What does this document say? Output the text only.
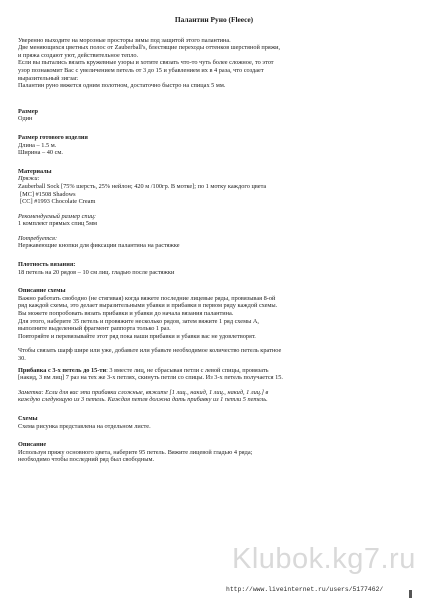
Палантин Руно (Fleece)

Уверенно выходите на морозные просторы зимы под защитой этого палантина.

Две меняющихся цветных полос от Zauberball's, блестящие переходы оттенков шерстяной пряжи,

и пряжа создают уют, действительное тепло.

Если вы пытались вязать кружевные узоры и хотите связать что-то чуть более сложное, то этот

узор познакомит Вас с увеличением петель от 3 до 15 и убавлением их в 4 раза, что создает

выразительный зигзаг.

Палантин руно вяжется одним полотном, достаточно быстро на спицах 5 мм.

Размер

Один

Размер готового изделия

Длина – 1.5 м.

Ширина – 40 см.

Материалы

Пряжи:

Zauberball Sock [75% шерсть, 25% нейлон; 420 м /100гр. В мотке]; по 1 мотку каждого цвета

[MC] #1508 Shadows

[CC] #1993 Chocolate Cream

Рекомендуемый размер спиц:

1 комплект прямых спиц 5мм

Потребуется:

Нержавеющие кнопки для фиксации палантина на растяжке

Плотность вязания:

18 петель на 20 рядов – 10 см лиц. гладью после растяжки

Описание схемы

Важно работать свободно (не стягивая) когда вяжете последние лицевые ряды, провязывая 8-ой

ряд каждой схемы, это делает выразительными убавки и прибавки в первом ряду каждой схемы.

Вы можете попробовать вязать прибавки и убавки до начала вязания палантина.

Для этого, наберите 35 петель и провяжите несколько рядов, затем вяжите 1 ряд схемы А,

выполните выделенный фрагмент раппорта только 1 раз.

Повторяйте и перевязывайте этот ряд пока ваши прибавки и убавки вас не удовлетворят.

Чтобы связать шарф шире или уже, добавьте или убавьте необходимое количество петель кратное

30.

Прибавка с 3-х петель до 15-ти: 3 вместе лиц, не сбрасывая петли с левой спицы, провязать

[накид, 3 вм лиц] 7 раз на тех же 3-х петлях, скинуть петли со спицы. Из 3-х петель получается 15.

Заметка: Если для вас эти прибавки сложные, вяжите [1 лиц., накид, 1 лиц., накид, 1 лиц.] в

каждую следующую из 3 петель. Каждая петля должна дать прибавку из 1 петли 5 петель.

Схемы

Схема рисунка представлена на отдельном листе.

Описание

Используя пряжу основного цвета, наберите 95 петель. Вяжите лицевой гладью 4 ряда;

необходимо чтобы последний ряд был свободным.

Klubok.kg7.ru
http://www.liveinternet.ru/users/5177462/
